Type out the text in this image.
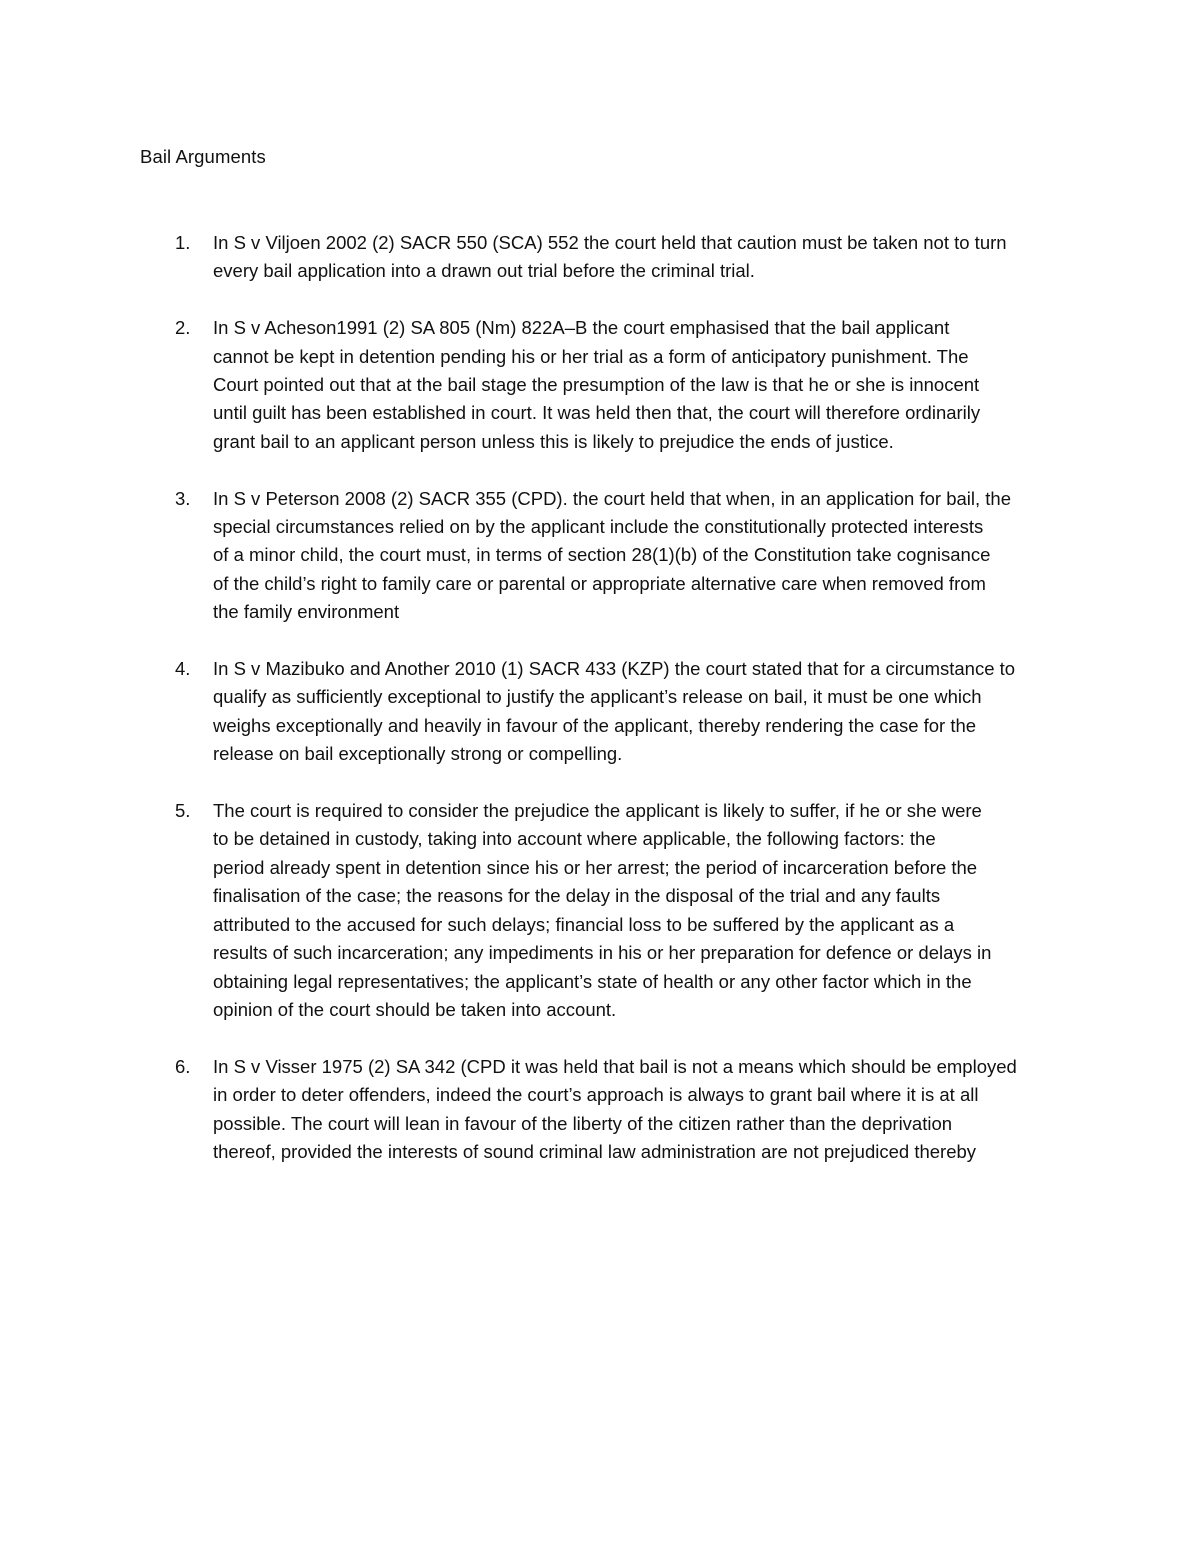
Bail Arguments
1.	In S v Viljoen 2002 (2) SACR 550 (SCA) 552 the court held that caution must be taken not to turn
every bail application into a drawn out trial before the criminal trial.
2.	In S v Acheson1991 (2) SA 805 (Nm) 822A–B the court emphasised that the bail applicant
cannot be kept in detention pending his or her trial as a form of anticipatory punishment. The
Court pointed out that at the bail stage the presumption of the law is that he or she is innocent
until guilt has been established in court. It was held then that, the court will therefore ordinarily
grant bail to an applicant person unless this is likely to prejudice the ends of justice.
3.	In S v Peterson 2008 (2) SACR 355 (CPD). the court held that when, in an application for bail, the
special circumstances relied on by the applicant include the constitutionally protected interests
of a minor child, the court must, in terms of section 28(1)(b) of the Constitution take cognisance
of the child’s right to family care or parental or appropriate alternative care when removed from
the family environment
4.	In S v Mazibuko and Another 2010 (1) SACR 433 (KZP) the court stated that for a circumstance to
qualify as sufficiently exceptional to justify the applicant’s release on bail, it must be one which
weighs exceptionally and heavily in favour of the applicant, thereby rendering the case for the
release on bail exceptionally strong or compelling.
5.	The court is required to consider the prejudice the applicant is likely to suffer, if he or she were
to be detained in custody, taking into account where applicable, the following factors: the
period already spent in detention since his or her arrest; the period of incarceration before the
finalisation of the case; the reasons for the delay in the disposal of the trial and any faults
attributed to the accused for such delays; financial loss to be suffered by the applicant as a
results of such incarceration; any impediments in his or her preparation for defence or delays in
obtaining legal representatives; the applicant’s state of health or any other factor which in the
opinion of the court should be taken into account.
6.	In S v Visser 1975 (2) SA 342 (CPD it was held that bail is not a means which should be employed
in order to deter offenders, indeed the court’s approach is always to grant bail where it is at all
possible. The court will lean in favour of the liberty of the citizen rather than the deprivation
thereof, provided the interests of sound criminal law administration are not prejudiced thereby
